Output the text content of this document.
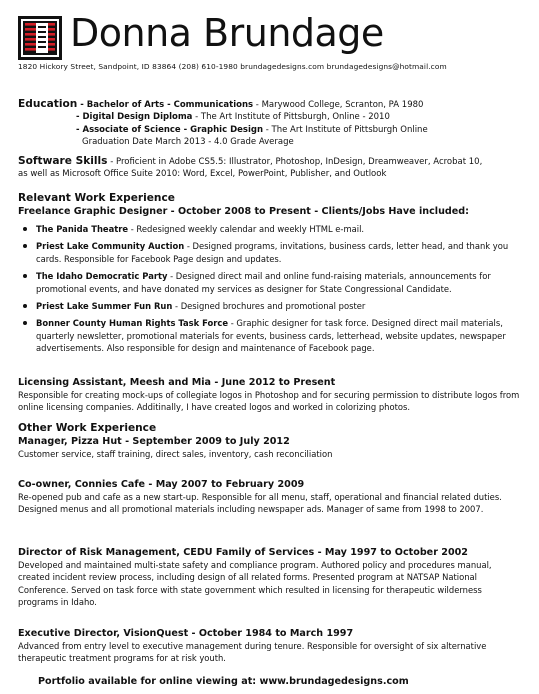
Donna Brundage
1820 Hickory Street, Sandpoint, ID 83864 (208) 610-1980 brundagedesigns.com brundagedesigns@hotmail.com
Education - Bachelor of Arts - Communications - Marywood College, Scranton, PA 1980
- Digital Design Diploma - The Art Institute of Pittsburgh, Online - 2010
- Associate of Science - Graphic Design - The Art Institute of Pittsburgh Online
Graduation Date March 2013 - 4.0 Grade Average
Software Skills - Proficient in Adobe CS5.5: Illustrator, Photoshop, InDesign, Dreamweaver, Acrobat 10,
as well as Microsoft Office Suite 2010: Word, Excel, PowerPoint, Publisher, and Outlook
Relevant Work Experience
Freelance Graphic Designer - October 2008 to Present - Clients/Jobs Have included:
The Panida Theatre - Redesigned weekly calendar and weekly HTML e-mail.
Priest Lake Community Auction - Designed programs, invitations, business cards, letter head, and thank you cards. Responsible for Facebook Page design and updates.
The Idaho Democratic Party - Designed direct mail and online fund-raising materials, announcements for promotional events, and have donated my services as designer for State Congressional Candidate.
Priest Lake Summer Fun Run - Designed brochures and promotional poster
Bonner County Human Rights Task Force - Graphic designer for task force. Designed direct mail materials, quarterly newsletter, promotional materials for events, business cards, letterhead, website updates, newspaper advertisements. Also responsible for design and maintenance of Facebook page.
Licensing Assistant, Meesh and Mia - June 2012 to Present
Responsible for creating mock-ups of collegiate logos in Photoshop and for securing permission to distribute logos from online licensing companies. Additinally, I have created logos and worked in colorizing photos.
Other Work Experience
Manager, Pizza Hut - September 2009 to July 2012
Customer service, staff training, direct sales, inventory, cash reconciliation
Co-owner, Connies Cafe - May 2007 to February 2009
Re-opened pub and cafe as a new start-up. Responsible for all menu, staff, operational and financial related duties. Designed menus and all promotional materials including newspaper ads. Manager of same from 1998 to 2007.
Director of Risk Management, CEDU Family of Services - May 1997 to October 2002
Developed and maintained multi-state safety and compliance program. Authored policy and procedures manual, created incident review process, including design of all related forms. Presented program at NATSAP National Conference. Served on task force with state government which resulted in licensing for therapeutic wilderness programs in Idaho.
Executive Director, VisionQuest - October 1984 to March 1997
Advanced from entry level to executive management during tenure. Responsible for oversight of six alternative therapeutic treatment programs for at risk youth.
Portfolio available for online viewing at: www.brundagedesigns.com
